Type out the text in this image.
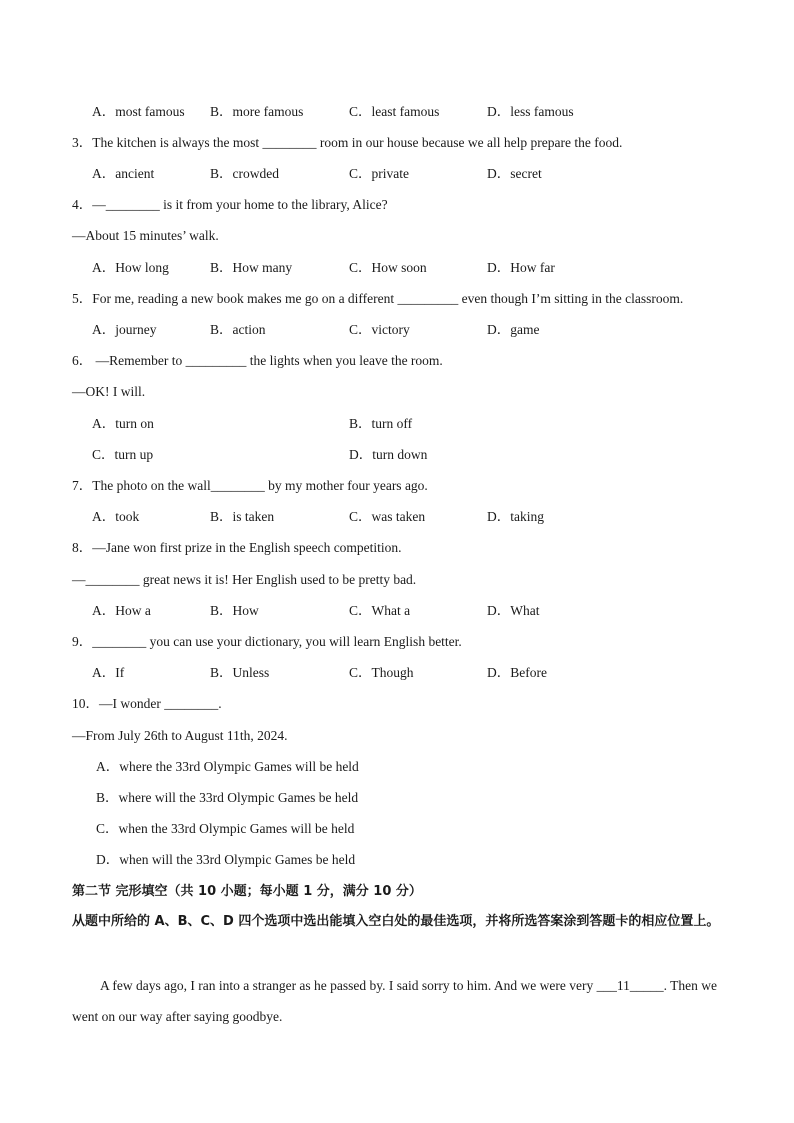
A．most famous B．more famous	C．least famous	D．less famous
3．The kitchen is always the most ________ room in our house because we all help prepare the food.
A．ancient	B．crowded	C．private	D．secret
4．—________ is it from your home to the library, Alice?
—About 15 minutes’ walk.
A．How long	B．How many	C．How soon	D．How far
5．For me, reading a new book makes me go on a different _________ even though I’m sitting in the classroom.
A．journey	B．action	C．victory	D．game
6． —Remember to _________ the lights when you leave the room.
—OK! I will.
A．turn on	B．turn off
C．turn up	D．turn down
7．The photo on the wall________ by my mother four years ago.
A．took	B．is taken	C．was taken	D．taking
8．—Jane won first prize in the English speech competition.
—________ great news it is! Her English used to be pretty bad.
A．How a	B．How	C．What a	D．What
9．________ you can use your dictionary, you will learn English better.
A．If	B．Unless	C．Though	D．Before
10．—I wonder ________.
—From July 26th to August 11th, 2024.
A．where the 33rd Olympic Games will be held
B．where will the 33rd Olympic Games be held
C．when the 33rd Olympic Games will be held
D．when will the 33rd Olympic Games be held
第二节 完形填空（共 10 小题；每小题 1 分，满分 10 分）
从题中所给的 A、B、C、D 四个选项中选出能填入空白处的最佳选项，并将所选答案涂到答题卡的相应位置上。
A few days ago, I ran into a stranger as he passed by. I said sorry to him. And we were very ___11_____. Then we went on our way after saying goodbye.
